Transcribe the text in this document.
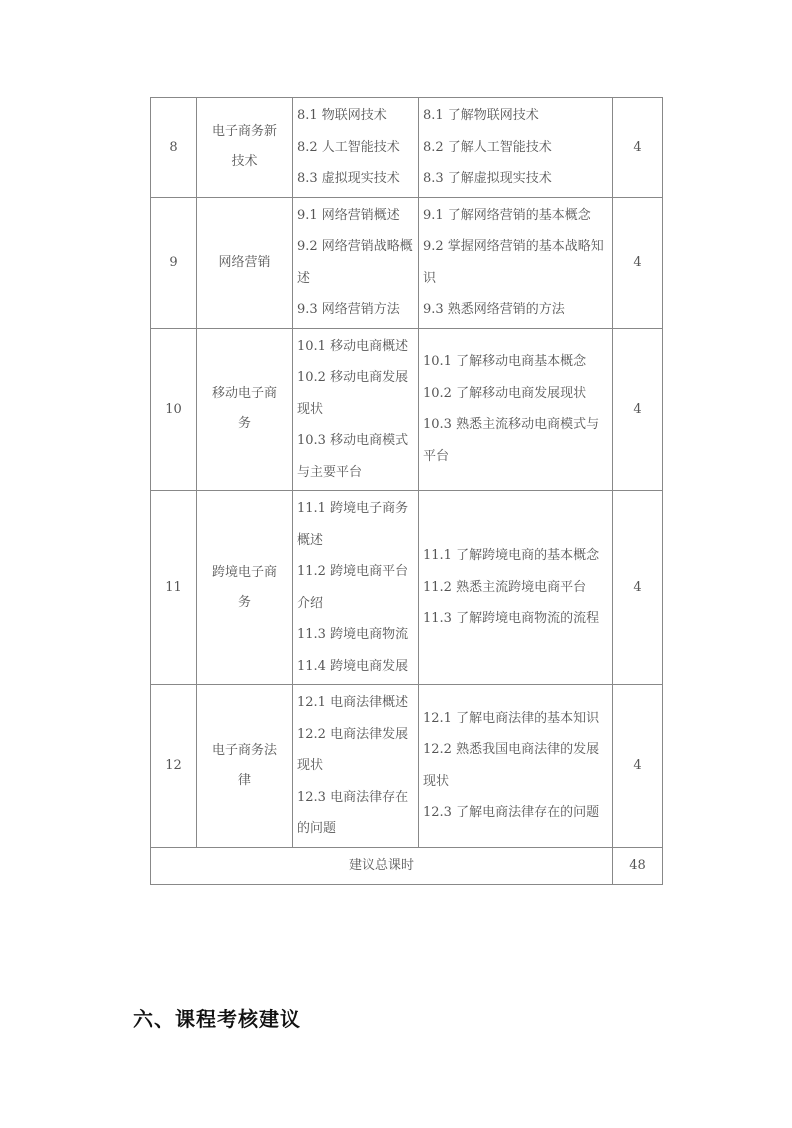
8	电子商务新技术	8.1 物联网技术
8.2 人工智能技术
8.3 虚拟现实技术	8.1 了解物联网技术
8.2 了解人工智能技术
8.3 了解虚拟现实技术	4
9	网络营销	9.1 网络营销概述
9.2 网络营销战略概述
9.3 网络营销方法	9.1 了解网络营销的基本概念
9.2 掌握网络营销的基本战略知识
9.3 熟悉网络营销的方法	4
10	移动电子商务	10.1 移动电商概述
10.2 移动电商发展现状
10.3 移动电商模式与主要平台	10.1 了解移动电商基本概念
10.2 了解移动电商发展现状
10.3 熟悉主流移动电商模式与平台	4
11	跨境电子商务	11.1 跨境电子商务概述
11.2 跨境电商平台介绍
11.3 跨境电商物流
11.4 跨境电商发展	11.1 了解跨境电商的基本概念
11.2 熟悉主流跨境电商平台
11.3 了解跨境电商物流的流程	4
12	电子商务法律	12.1 电商法律概述
12.2 电商法律发展现状
12.3 电商法律存在的问题	12.1 了解电商法律的基本知识
12.2 熟悉我国电商法律的发展现状
12.3 了解电商法律存在的问题	4
建议总课时				48
六、课程考核建议
